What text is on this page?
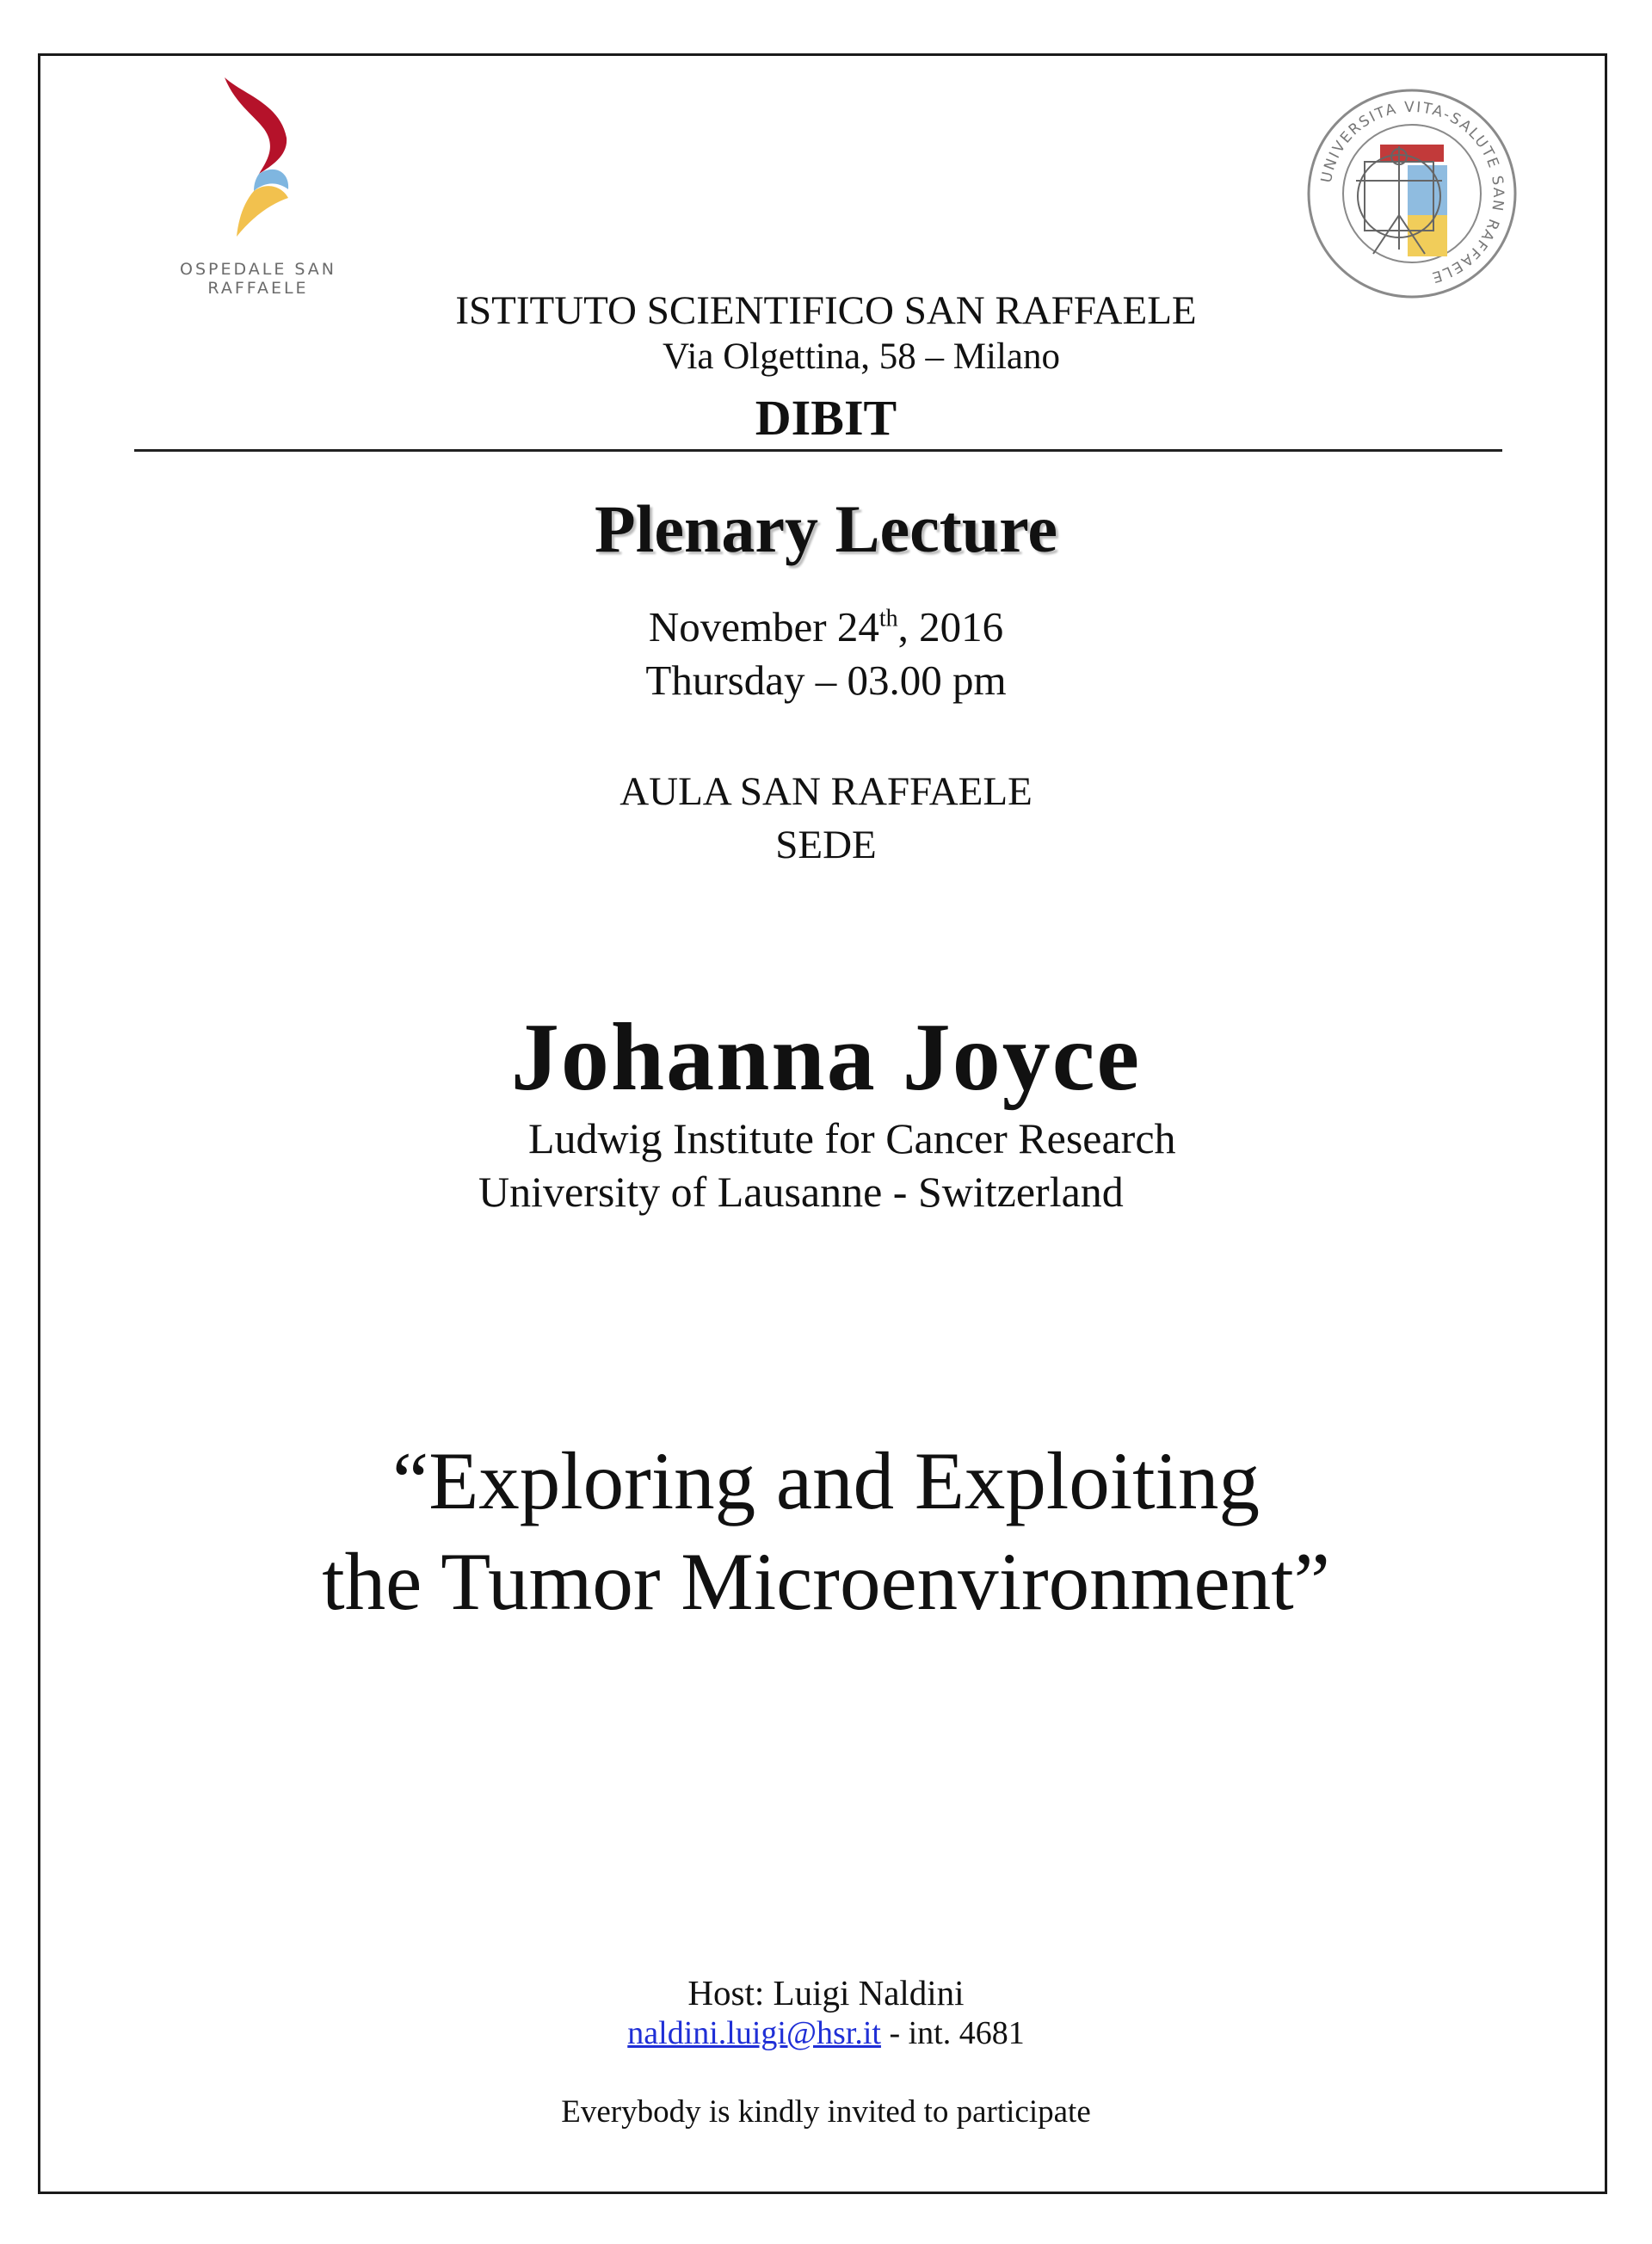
OSPEDALE SAN RAFFAELE
UNIVERSITA VITA-SALUTE SAN RAFFAELE
ISTITUTO SCIENTIFICO SAN RAFFAELE
Via Olgettina, 58 – Milano
DIBIT
Plenary Lecture
November 24th, 2016
Thursday – 03.00 pm
AULA SAN RAFFAELE
SEDE
Johanna Joyce
Ludwig Institute for Cancer Research
University of Lausanne - Switzerland
“Exploring and Exploiting
the Tumor Microenvironment”
Host: Luigi Naldini
naldini.luigi@hsr.it - int. 4681
Everybody is kindly invited to participate
